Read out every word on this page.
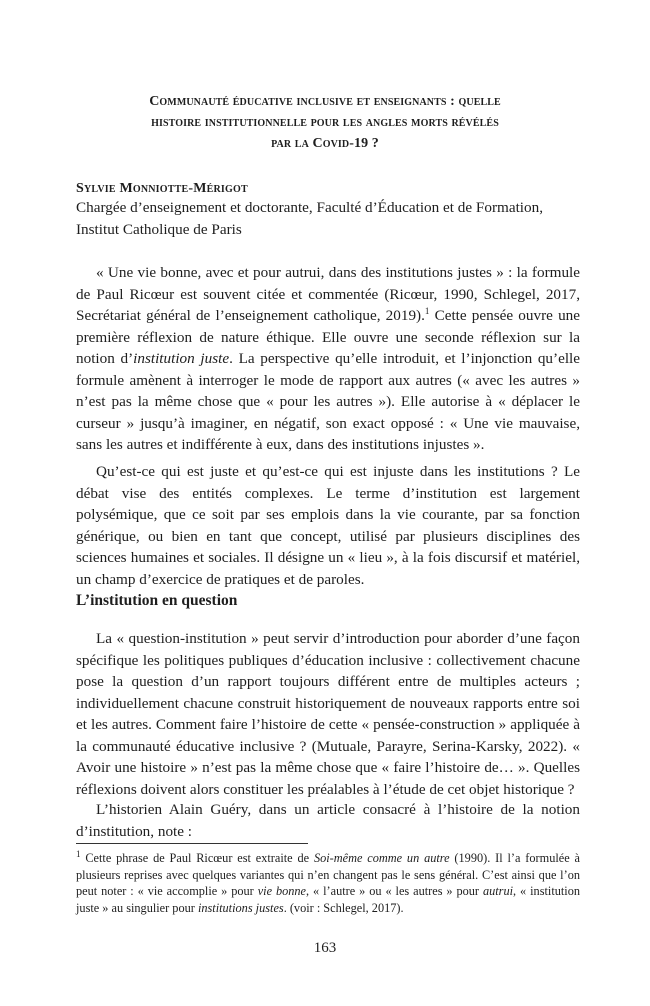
Communauté éducative inclusive et enseignants : quelle
histoire institutionnelle pour les angles morts révélés
par la Covid-19 ?
Sylvie Monniotte-Mérigot
Chargée d’enseignement et doctorante, Faculté d’Éducation et de Formation, Institut Catholique de Paris

« Une vie bonne, avec et pour autrui, dans des institutions justes » : la formule de Paul Ricœur est souvent citée et commentée (Ricœur, 1990, Schlegel, 2017, Secrétariat général de l’enseignement catholique, 2019).$^1$ Cette pensée ouvre une première réflexion de nature éthique. Elle ouvre une seconde réflexion sur la notion d’institution juste. La perspective qu’elle introduit, et l’injonction qu’elle formule amènent à interroger le mode de rapport aux autres (« avec les autres » n’est pas la même chose que « pour les autres »). Elle autorise à « déplacer le curseur » jusqu’à imaginer, en négatif, son exact opposé : « Une vie mauvaise, sans les autres et indifférente à eux, dans des institutions injustes ».

Qu’est-ce qui est juste et qu’est-ce qui est injuste dans les institutions ? Le débat vise des entités complexes. Le terme d’institution est largement polysémique, que ce soit par ses emplois dans la vie courante, par sa fonction générique, ou bien en tant que concept, utilisé par plusieurs disciplines des sciences humaines et sociales. Il désigne un « lieu », à la fois discursif et matériel, un champ d’exercice de pratiques et de paroles.

L’institution en question

La « question-institution » peut servir d’introduction pour aborder d’une façon spécifique les politiques publiques d’éducation inclusive : collectivement chacune pose la question d’un rapport toujours différent entre de multiples acteurs ; individuellement chacune construit historiquement de nouveaux rapports entre soi et les autres. Comment faire l’histoire de cette « pensée-construction » appliquée à la communauté éducative inclusive ? (Mutuale, Parayre, Serina-Karsky, 2022). « Avoir une histoire » n’est pas la même chose que « faire l’histoire de… ». Quelles réflexions doivent alors constituer les préalables à l’étude de cet objet historique ?

L’historien Alain Guéry, dans un article consacré à l’histoire de la notion d’institution, note :

$^1$ Cette phrase de Paul Ricœur est extraite de Soi-même comme un autre (1990). Il l’a formulée à plusieurs reprises avec quelques variantes qui n’en changent pas le sens général. C’est ainsi que l’on peut noter : « vie accomplie » pour vie bonne, « l’autre » ou « les autres » pour autrui, « institution juste » au singulier pour institutions justes. (voir : Schlegel, 2017).

163
